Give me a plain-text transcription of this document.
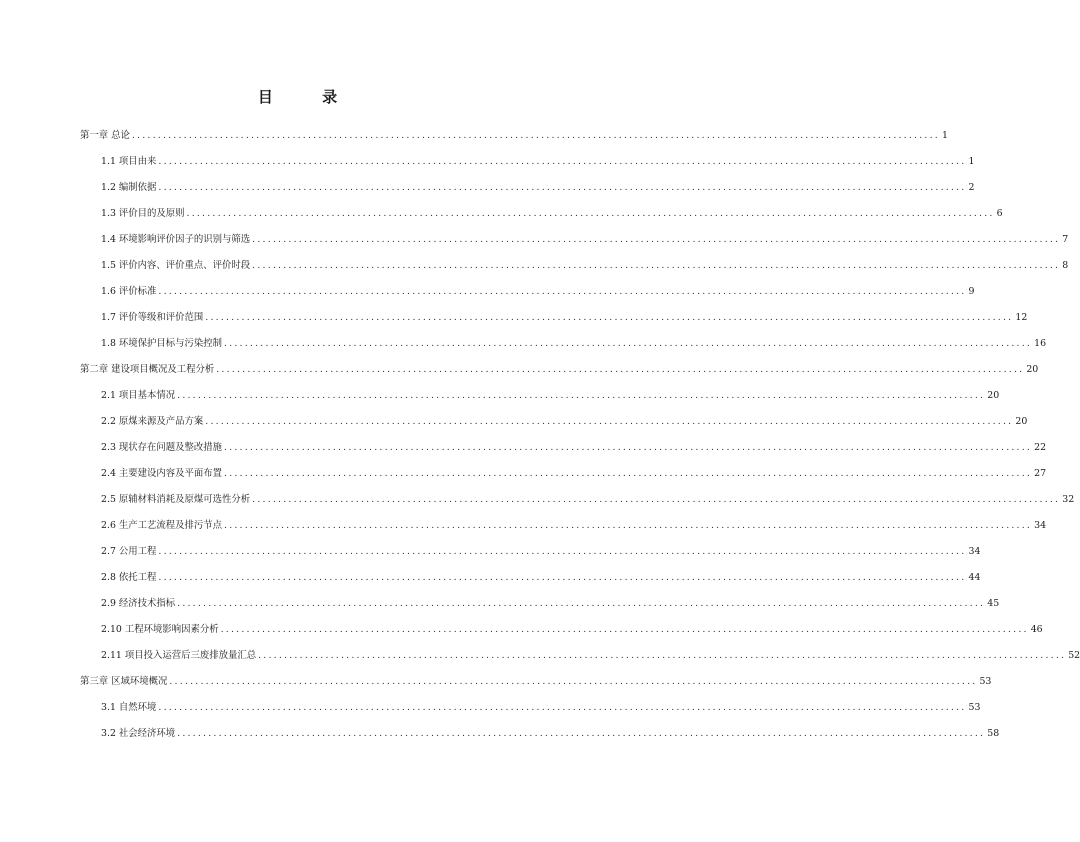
目 录
第一章 总论 ............................................................................................................................................................ 1
1.1 项目由来 ............................................................................................................................................................ 1
1.2 编制依据 ............................................................................................................................................................ 2
1.3 评价目的及原则 ............................................................................................................................................................ 6
1.4 环境影响评价因子的识别与筛选 ............................................................................................................................................................ 7
1.5 评价内容、评价重点、评价时段 ............................................................................................................................................................ 8
1.6 评价标准 ............................................................................................................................................................ 9
1.7 评价等级和评价范围 ............................................................................................................................................................ 12
1.8 环境保护目标与污染控制 ............................................................................................................................................................ 16
第二章 建设项目概况及工程分析 ............................................................................................................................................................ 20
2.1 项目基本情况 ............................................................................................................................................................ 20
2.2 原煤来源及产品方案 ............................................................................................................................................................ 20
2.3 现状存在问题及整改措施 ............................................................................................................................................................ 22
2.4 主要建设内容及平面布置 ............................................................................................................................................................ 27
2.5 原辅材料消耗及原煤可选性分析 ............................................................................................................................................................ 32
2.6 生产工艺流程及排污节点 ............................................................................................................................................................ 34
2.7 公用工程 ............................................................................................................................................................ 34
2.8 依托工程 ............................................................................................................................................................ 44
2.9 经济技术指标 ............................................................................................................................................................ 45
2.10 工程环境影响因素分析 ............................................................................................................................................................ 46
2.11 项目投入运营后三废排放量汇总 ............................................................................................................................................................ 52
第三章 区域环境概况 ............................................................................................................................................................ 53
3.1 自然环境 ............................................................................................................................................................ 53
3.2 社会经济环境 ............................................................................................................................................................ 58
